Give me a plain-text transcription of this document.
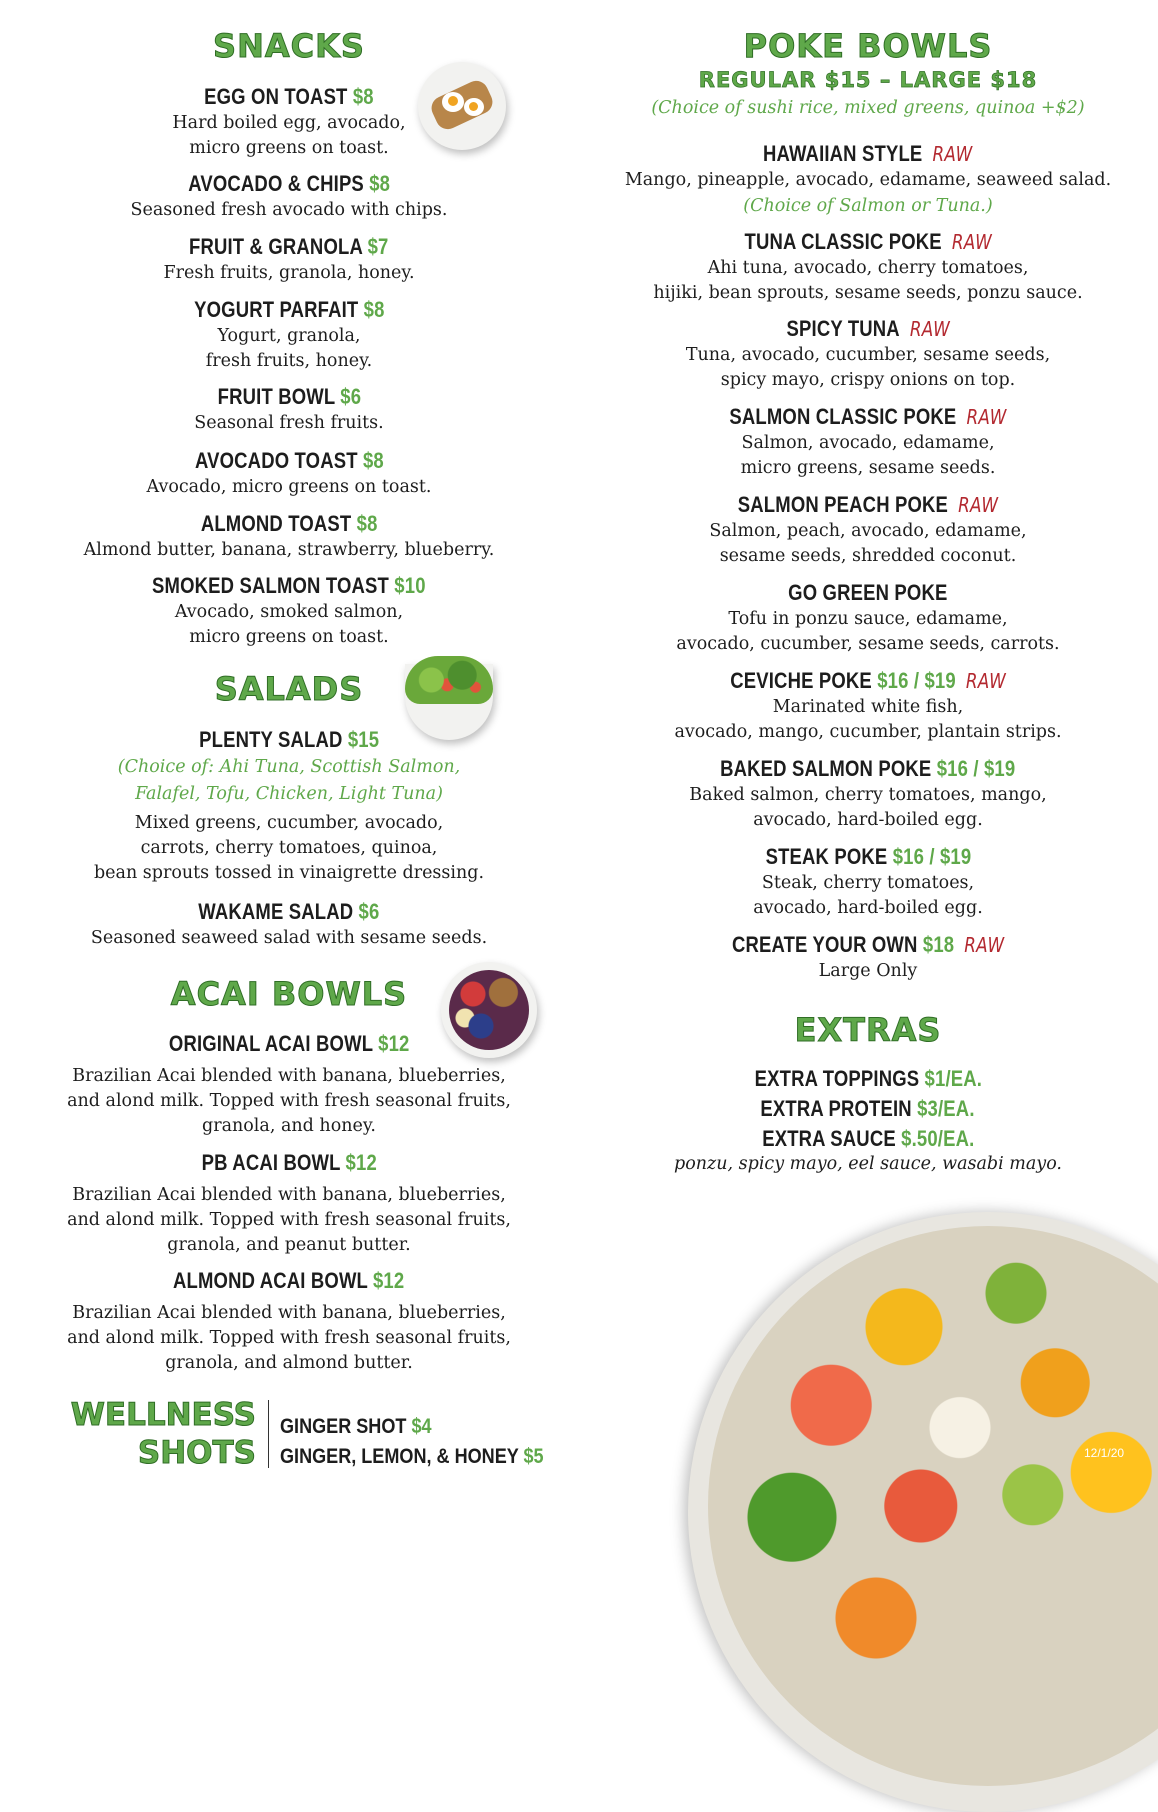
SNACKS
EGG ON TOAST $8
Hard boiled egg, avocado,
micro greens on toast.
AVOCADO & CHIPS $8
Seasoned fresh avocado with chips.
FRUIT & GRANOLA $7
Fresh fruits, granola, honey.
YOGURT PARFAIT $8
Yogurt, granola,
fresh fruits, honey.
FRUIT BOWL $6
Seasonal fresh fruits.
AVOCADO TOAST $8
Avocado, micro greens on toast.
ALMOND TOAST $8
Almond butter, banana, strawberry, blueberry.
SMOKED SALMON TOAST $10
Avocado, smoked salmon,
micro greens on toast.
SALADS
PLENTY SALAD $15
(Choice of: Ahi Tuna, Scottish Salmon,
Falafel, Tofu, Chicken, Light Tuna)
Mixed greens, cucumber, avocado,
carrots, cherry tomatoes, quinoa,
bean sprouts tossed in vinaigrette dressing.
WAKAME SALAD $6
Seasoned seaweed salad with sesame seeds.
ACAI BOWLS
ORIGINAL ACAI BOWL $12
Brazilian Acai blended with banana, blueberries,
and alond milk. Topped with fresh seasonal fruits,
granola, and honey.
PB ACAI BOWL $12
Brazilian Acai blended with banana, blueberries,
and alond milk. Topped with fresh seasonal fruits,
granola, and peanut butter.
ALMOND ACAI BOWL $12
Brazilian Acai blended with banana, blueberries,
and alond milk. Topped with fresh seasonal fruits,
granola, and almond butter.
WELLNESS
SHOTS
GINGER SHOT $4
GINGER, LEMON, & HONEY $5
POKE BOWLS
REGULAR $15 – LARGE $18
(Choice of sushi rice, mixed greens, quinoa +$2)
HAWAIIAN STYLE RAW
Mango, pineapple, avocado, edamame, seaweed salad.
(Choice of Salmon or Tuna.)
TUNA CLASSIC POKE RAW
Ahi tuna, avocado, cherry tomatoes,
hijiki, bean sprouts, sesame seeds, ponzu sauce.
SPICY TUNA RAW
Tuna, avocado, cucumber, sesame seeds,
spicy mayo, crispy onions on top.
SALMON CLASSIC POKE RAW
Salmon, avocado, edamame,
micro greens, sesame seeds.
SALMON PEACH POKE RAW
Salmon, peach, avocado, edamame,
sesame seeds, shredded coconut.
GO GREEN POKE
Tofu in ponzu sauce, edamame,
avocado, cucumber, sesame seeds, carrots.
CEVICHE POKE $16 / $19 RAW
Marinated white fish,
avocado, mango, cucumber, plantain strips.
BAKED SALMON POKE $16 / $19
Baked salmon, cherry tomatoes, mango,
avocado, hard-boiled egg.
STEAK POKE $16 / $19
Steak, cherry tomatoes,
avocado, hard-boiled egg.
CREATE YOUR OWN $18 RAW
Large Only
EXTRAS
EXTRA TOPPINGS $1/EA.
EXTRA PROTEIN $3/EA.
EXTRA SAUCE $.50/EA.
ponzu, spicy mayo, eel sauce, wasabi mayo.
12/1/20
